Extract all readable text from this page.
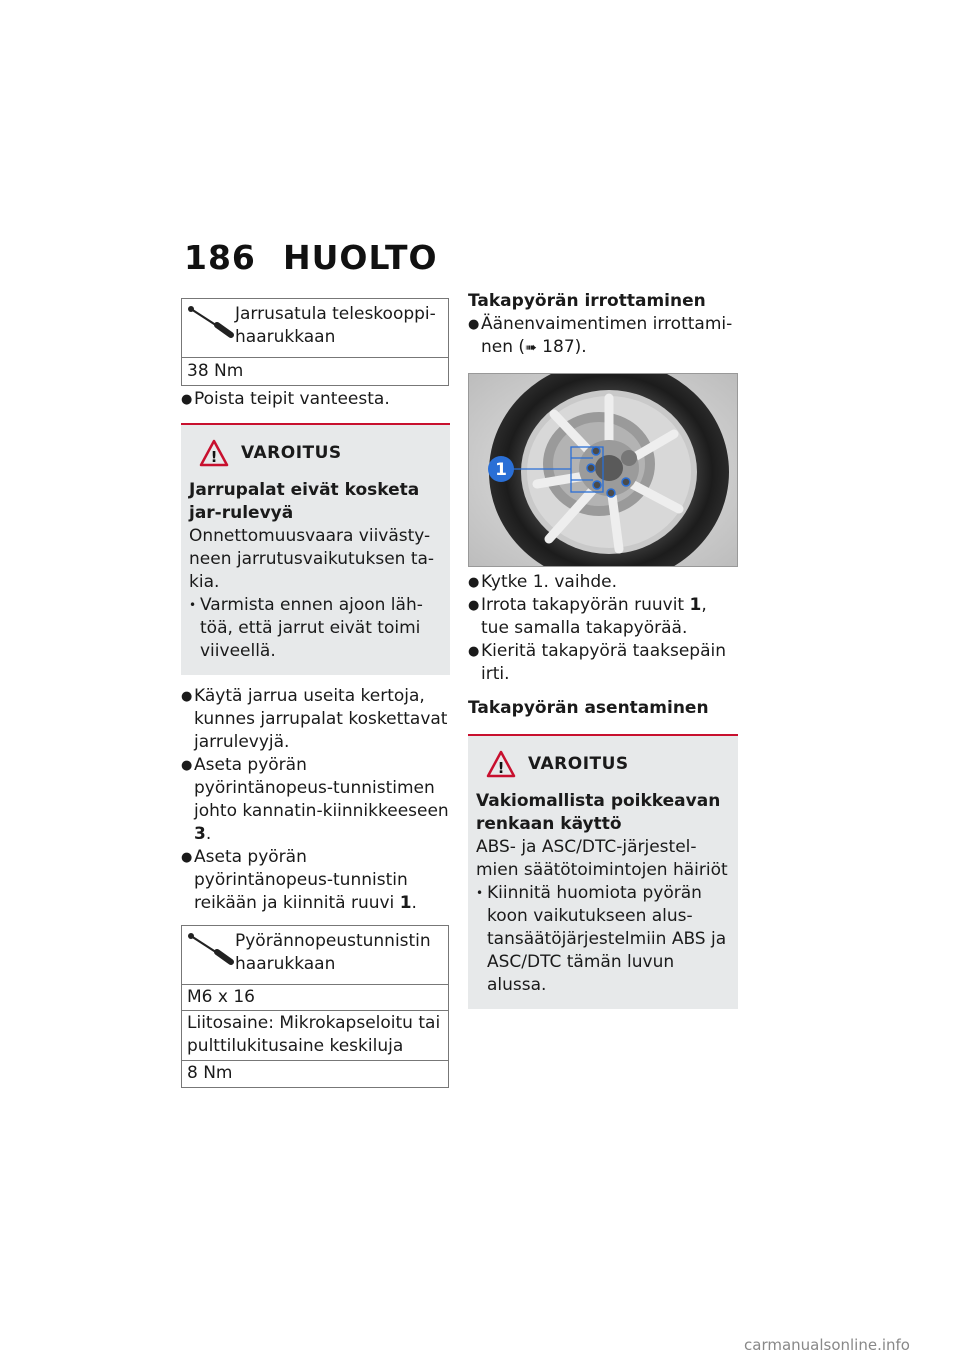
186 HUOLTO
Jarrusatula teleskooppi-haarukkaan
38 Nm
● Poista teipit vanteesta.
! VAROITUS
Jarrupalat eivät kosketa jar-rulevyä
Onnettomuusvaara viivästy-neen jarrutusvaikutuksen ta-kia.
• Varmista ennen ajoon läh-töä, että jarrut eivät toimi viiveellä.
● Käytä jarrua useita kertoja, kunnes jarrupalat koskettavat jarrulevyjä.
● Aseta pyörän pyörintänopeus-tunnistimen johto kannatin-kiinnikkeeseen 3.
● Aseta pyörän pyörintänopeus-tunnistin reikään ja kiinnitä ruuvi 1.
Pyörännopeustunnistin haarukkaan
M6 x 16
Liitosaine: Mikrokapseloitu tai pulttilukitusaine keskiluja
8 Nm
Takapyörän irrottaminen
● Äänenvaimentimen irrottami-nen (➠ 187).
1
● Kytke 1. vaihde.
● Irrota takapyörän ruuvit 1, tue samalla takapyörää.
● Kieritä takapyörä taaksepäin irti.
Takapyörän asentaminen
! VAROITUS
Vakiomallista poikkeavan renkaan käyttö
ABS- ja ASC/DTC-järjestel-mien säätötoimintojen häiriöt
• Kiinnitä huomiota pyörän koon vaikutukseen alus-tansäätöjärjestelmiin ABS ja ASC/DTC tämän luvun alussa.
carmanualsonline.info
